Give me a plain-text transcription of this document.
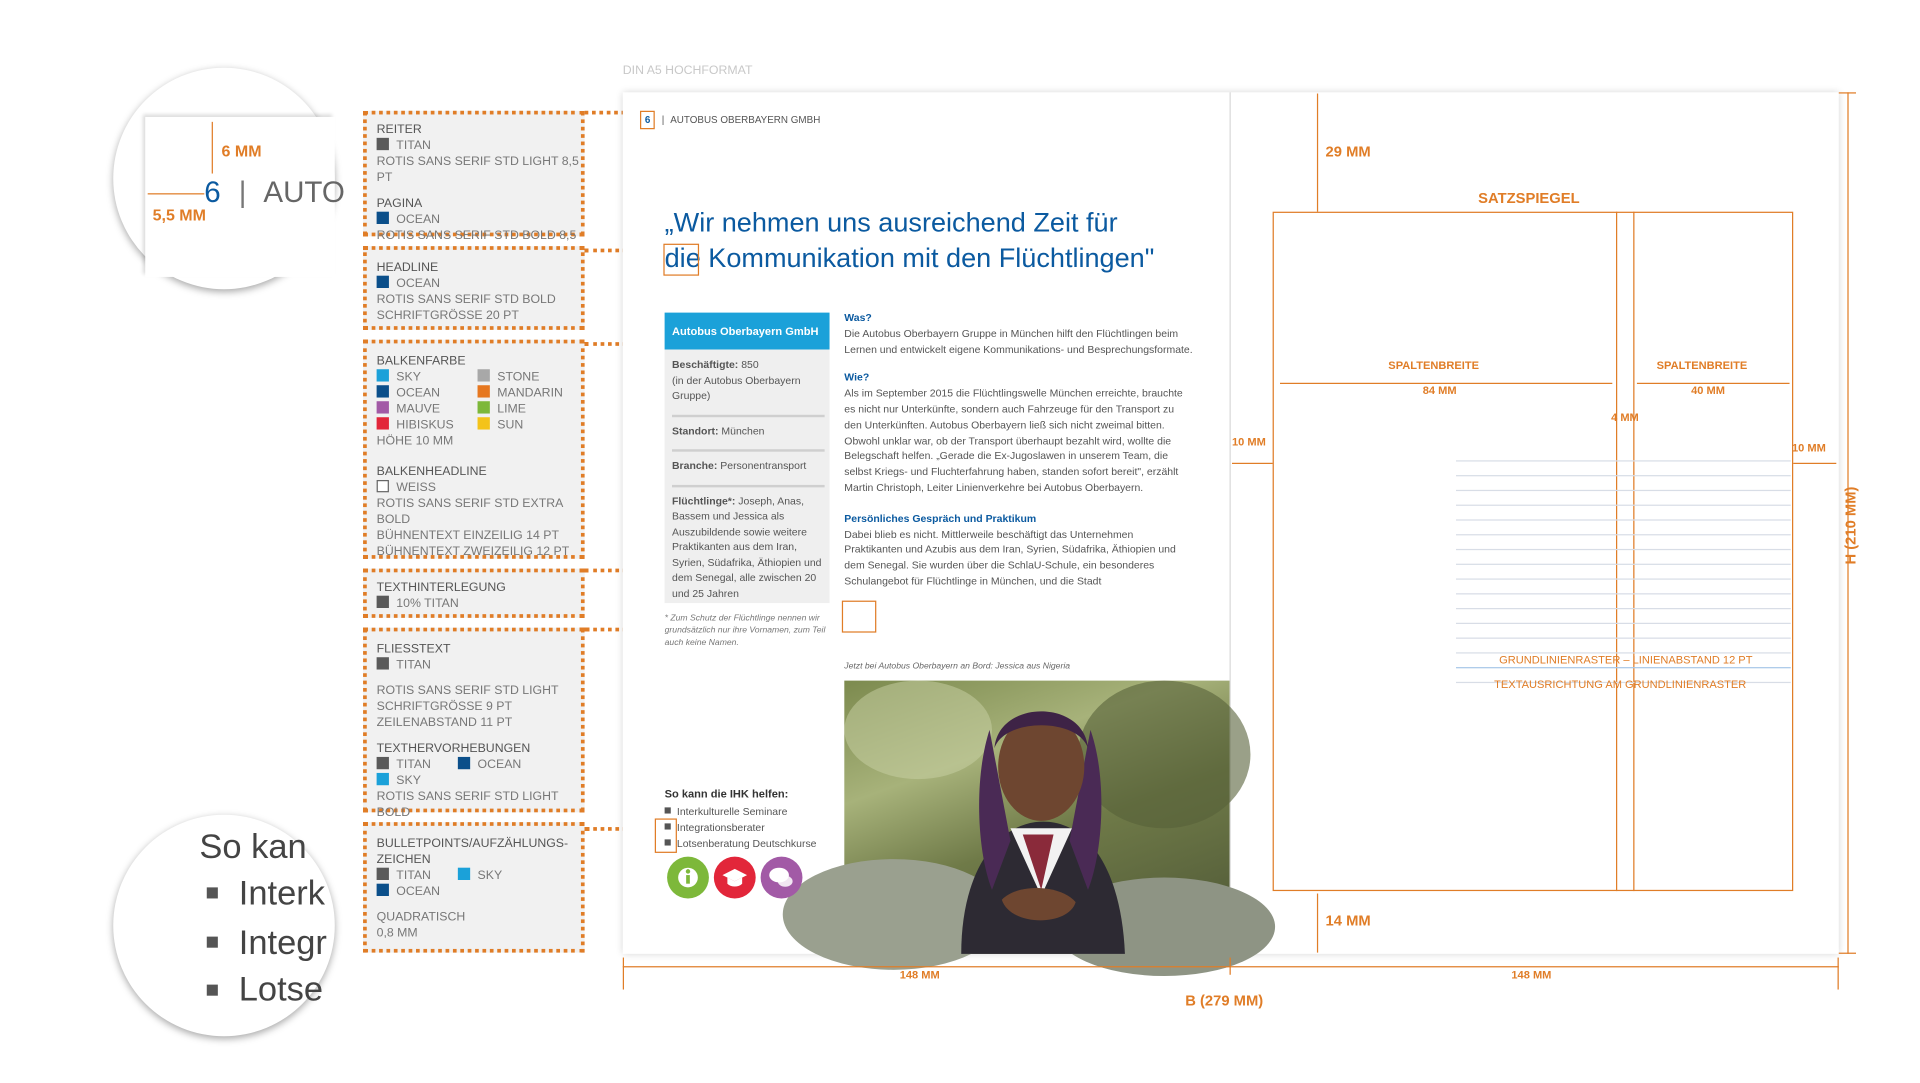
DIN A5 HOCHFORMAT
6 MM
5,5 MM
6 | AUTO
So kan
Interk
Integr
Lotse
REITER
TITAN
ROTIS SANS SERIF STD LIGHT 8,5 PT
PAGINA
OCEAN
ROTIS SANS SERIF STD BOLD 8,5
HEADLINE
OCEAN
ROTIS SANS SERIF STD BOLD
SCHRIFTGRÖSSE 20 PT
BALKENFARBE
SKY	STONE
OCEAN	MANDARIN
MAUVE	LIME
HIBISKUS	SUN
HÖHE 10 MM
BALKENHEADLINE
WEISS
ROTIS SANS SERIF STD EXTRA BOLD
BÜHNENTEXT EINZEILIG 14 PT
BÜHNENTEXT ZWEIZEILIG 12 PT
TEXTHINTERLEGUNG
10% TITAN
FLIESSTEXT
TITAN
ROTIS SANS SERIF STD LIGHT
SCHRIFTGRÖSSE 9 PT
ZEILENABSTAND 11 PT
TEXTHERVORHEBUNGEN
TITAN	OCEAN
SKY
ROTIS SANS SERIF STD LIGHT BOLD
BULLETPOINTS/AUFZÄHLUNGS-
ZEICHEN
TITAN	SKY
OCEAN
QUADRATISCH
0,8 MM
6 | AUTOBUS OBERBAYERN GMBH
„Wir nehmen uns ausreichend Zeit für
die Kommunikation mit den Flüchtlingen"
Autobus Oberbayern GmbH
Beschäftigte: 850
(in der Autobus Oberbayern Gruppe)
Standort: München
Branche: Personentransport
Flüchtlinge*: Joseph, Anas, Bassem und Jessica als Auszubildende sowie weitere Praktikanten aus dem Iran, Syrien, Südafrika, Äthiopien und dem Senegal, alle zwischen 20 und 25 Jahren
* Zum Schutz der Flüchtlinge nennen wir grundsätzlich nur ihre Vornamen, zum Teil auch keine Namen.
Was?
Die Autobus Oberbayern Gruppe in München hilft den Flüchtlingen beim Lernen und entwickelt eigene Kommunikations- und Besprechungsformate.
Wie?
Als im September 2015 die Flüchtlingswelle München erreichte, brauchte es nicht nur Unterkünfte, sondern auch Fahrzeuge für den Transport zu den Unterkünften. Autobus Oberbayern ließ sich nicht zweimal bitten. Obwohl unklar war, ob der Transport überhaupt bezahlt wird, wollte die Belegschaft helfen. „Gerade die Ex-Jugoslawen in unserem Team, die selbst Kriegs- und Fluchterfahrung haben, standen sofort bereit", erzählt Martin Christoph, Leiter Linienverkehre bei Autobus Oberbayern.
Persönliches Gespräch und Praktikum
Dabei blieb es nicht. Mittlerweile beschäftigt das Unternehmen Praktikanten und Azubis aus dem Iran, Syrien, Südafrika, Äthiopien und dem Senegal. Sie wurden über die SchlaU-Schule, ein besonderes Schulangebot für Flüchtlinge in München, und die Stadt
Jetzt bei Autobus Oberbayern an Bord: Jessica aus Nigeria
So kann die IHK helfen:
Interkulturelle Seminare
Integrationsberater
Lotsenberatung Deutschkurse
29 MM
SATZSPIEGEL
SPALTENBREITE
84 MM
SPALTENBREITE
40 MM
4 MM
10 MM	10 MM
GRUNDLINIENRASTER – LINIENABSTAND 12 PT
TEXTAUSRICHTUNG AM GRUNDLINIENRASTER
14 MM
148 MM	148 MM
B (279 MM)
H (210 MM)
